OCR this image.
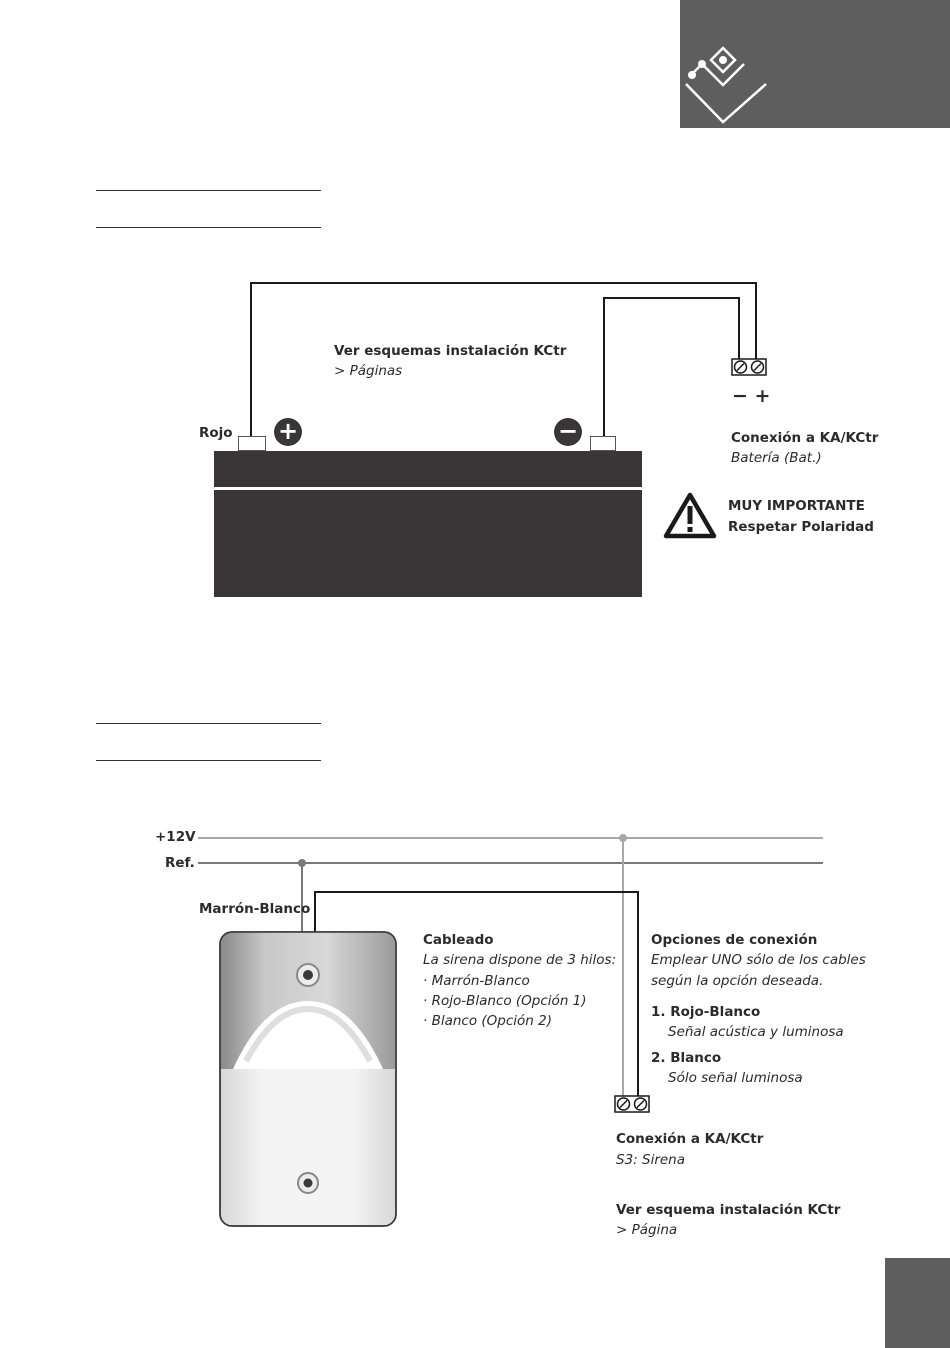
− +
Ver esquemas instalación KCtr
> Páginas
Rojo +	−	Conexión a KA/KCtr
Batería (Bat.)
MUY IMPORTANTE
Respetar Polaridad
+12V
Ref.
Marrón-Blanco
Cableado
La sirena dispone de 3 hilos:
· Marrón-Blanco
· Rojo-Blanco (Opción 1)
· Blanco (Opción 2)
Opciones de conexión
Emplear UNO sólo de los cables
según la opción deseada.
1. Rojo-Blanco
Señal acústica y luminosa
2. Blanco
Sólo señal luminosa
Conexión a KA/KCtr
S3: Sirena
Ver esquema instalación KCtr
> Página
